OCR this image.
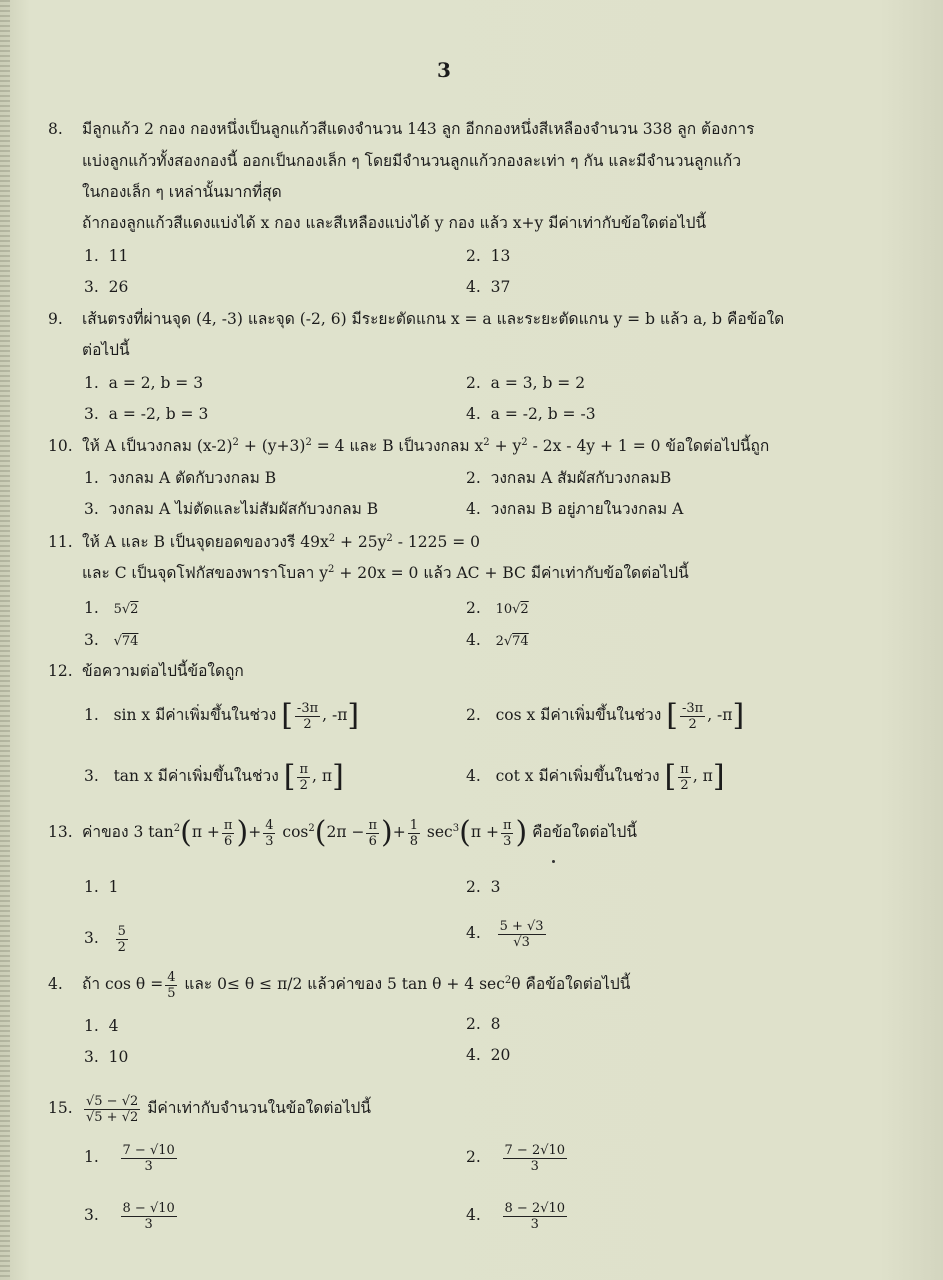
3
8. มีลูกแก้ว 2 กอง กองหนึ่งเป็นลูกแก้วสีแดงจำนวน 143 ลูก อีกกองหนึ่งสีเหลืองจำนวน 338 ลูก ต้องการ
แบ่งลูกแก้วทั้งสองกองนี้ ออกเป็นกองเล็ก ๆ โดยมีจำนวนลูกแก้วกองละเท่า ๆ กัน และมีจำนวนลูกแก้ว
ในกองเล็ก ๆ เหล่านั้นมากที่สุด
ถ้ากองลูกแก้วสีแดงแบ่งได้ x กอง และสีเหลืองแบ่งได้ y กอง แล้ว x+y มีค่าเท่ากับข้อใดต่อไปนี้
1. 11	2. 13
3. 26	4. 37
9. เส้นตรงที่ผ่านจุด (4, -3) และจุด (-2, 6) มีระยะตัดแกน x = a และระยะตัดแกน y = b แล้ว a, b คือข้อใด
ต่อไปนี้
1. a = 2, b = 3	2. a = 3, b = 2
3. a = -2, b = 3	4. a = -2, b = -3
10. ให้ A เป็นวงกลม $(x-2)^2 + (y+3)^2 = 4$ และ B เป็นวงกลม $x^2 + y^2 - 2x - 4y + 1 = 0$ ข้อใดต่อไปนี้ถูก
1. วงกลม A ตัดกับวงกลม B	2. วงกลม A สัมผัสกับวงกลมB
3. วงกลม A ไม่ตัดและไม่สัมผัสกับวงกลม B	4. วงกลม B อยู่ภายในวงกลม A
11. ให้ A และ B เป็นจุดยอดของวงรี $49x^2 + 25y^2 - 1225 = 0$
และ C เป็นจุดโฟกัสของพาราโบลา $y^2 + 20x = 0$ แล้ว AC + BC มีค่าเท่ากับข้อใดต่อไปนี้
1. 5√2	2. 10√2
3. √74	4. 2√74
12. ข้อความต่อไปนี้ข้อใดถูก
1. sin x มีค่าเพิ่มขึ้นในช่วง [ $\frac{-3\pi}{2}$ , -π]	2. cos x มีค่าเพิ่มขึ้นในช่วง [ $\frac{-3\pi}{2}$ , -π]
3. tan x มีค่าเพิ่มขึ้นในช่วง [ $\frac{\pi}{2}$ , π]	4. cot x มีค่าเพิ่มขึ้นในช่วง [ $\frac{\pi}{2}$ , π]
13. ค่าของ 3 $\tan^2(\pi + \frac{\pi}{6}$ )+ $\frac{4}{3} \cos^2(2\pi - \frac{\pi}{6}$ )+ $\frac{1}{8} \sec^3(\pi + \frac{\pi}{3}$ ) คือข้อใดต่อไปนี้
1. 1	2. 3
3. $\frac{5}{2}$	4. $\frac{5 + √3}{√3}$
4. ถ้า $\cos \theta = \frac{4}{5}$ และ 0≤ θ ≤ π/2 แล้วค่าของ 5 tan θ + 4 $\sec^2\theta$ คือข้อใดต่อไปนี้
1. 4	2. 8
3. 10	4. 20
15. $\frac{√5 - √2}{√5 + √2}$ มีค่าเท่ากับจำนวนในข้อใดต่อไปนี้
1. $\frac{7 - √10}{3}$	2. $\frac{7 - 2√10}{3}$
3. $\frac{8 - √10}{3}$	4. $\frac{8 - 2√10}{3}$
